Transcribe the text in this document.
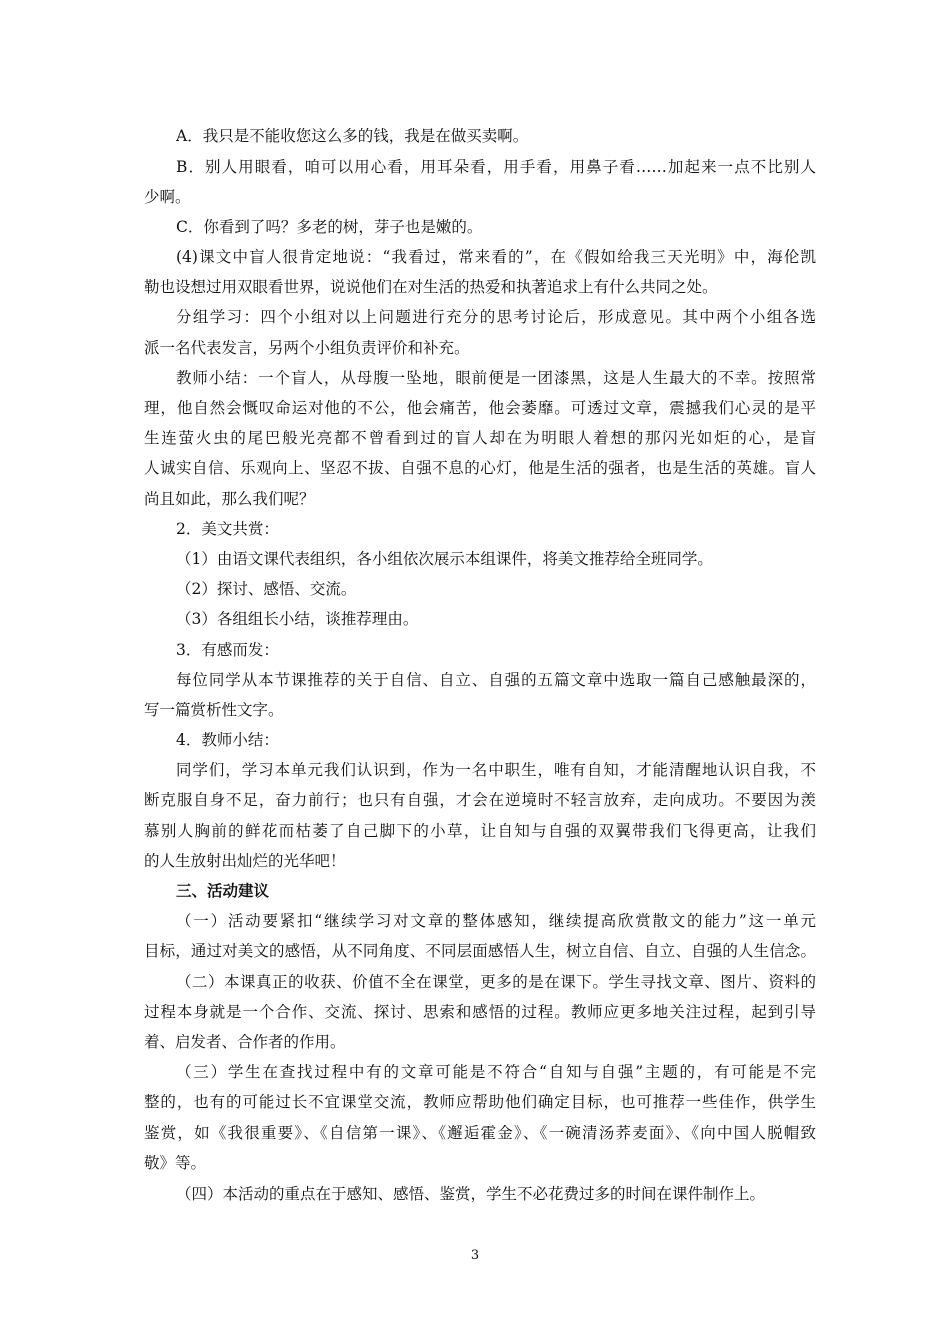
A．我只是不能收您这么多的钱，我是在做买卖啊。
B．别人用眼看，咱可以用心看，用耳朵看，用手看，用鼻子看……加起来一点不比别人
少啊。
C．你看到了吗？多老的树，芽子也是嫩的。
(4)课文中盲人很肯定地说：“我看过，常来看的”，在《假如给我三天光明》中，海伦凯
勒也设想过用双眼看世界，说说他们在对生活的热爱和执著追求上有什么共同之处。
分组学习：四个小组对以上问题进行充分的思考讨论后，形成意见。其中两个小组各选
派一名代表发言，另两个小组负责评价和补充。
教师小结：一个盲人，从母腹一坠地，眼前便是一团漆黑，这是人生最大的不幸。按照常
理，他自然会慨叹命运对他的不公，他会痛苦，他会萎靡。可透过文章，震撼我们心灵的是平
生连萤火虫的尾巴般光亮都不曾看到过的盲人却在为明眼人着想的那闪光如炬的心，是盲
人诚实自信、乐观向上、坚忍不拔、自强不息的心灯，他是生活的强者，也是生活的英雄。盲人
尚且如此，那么我们呢？
2．美文共赏：
（1）由语文课代表组织，各小组依次展示本组课件，将美文推荐给全班同学。
（2）探讨、感悟、交流。
（3）各组组长小结，谈推荐理由。
3．有感而发：
每位同学从本节课推荐的关于自信、自立、自强的五篇文章中选取一篇自己感触最深的，
写一篇赏析性文字。
4．教师小结：
同学们，学习本单元我们认识到，作为一名中职生，唯有自知，才能清醒地认识自我，不
断克服自身不足，奋力前行；也只有自强，才会在逆境时不轻言放弃，走向成功。不要因为羡
慕别人胸前的鲜花而枯萎了自己脚下的小草，让自知与自强的双翼带我们飞得更高，让我们
的人生放射出灿烂的光华吧！
三、活动建议
（一）活动要紧扣“继续学习对文章的整体感知，继续提高欣赏散文的能力”这一单元
目标，通过对美文的感悟，从不同角度、不同层面感悟人生，树立自信、自立、自强的人生信念。
（二）本课真正的收获、价值不全在课堂，更多的是在课下。学生寻找文章、图片、资料的
过程本身就是一个合作、交流、探讨、思索和感悟的过程。教师应更多地关注过程，起到引导
着、启发者、合作者的作用。
（三）学生在查找过程中有的文章可能是不符合“自知与自强”主题的，有可能是不完
整的，也有的可能过长不宜课堂交流，教师应帮助他们确定目标，也可推荐一些佳作，供学生
鉴赏，如《我很重要》、《自信第一课》、《邂逅霍金》、《一碗清汤荞麦面》、《向中国人脱帽致
敬》等。
（四）本活动的重点在于感知、感悟、鉴赏，学生不必花费过多的时间在课件制作上。
3
